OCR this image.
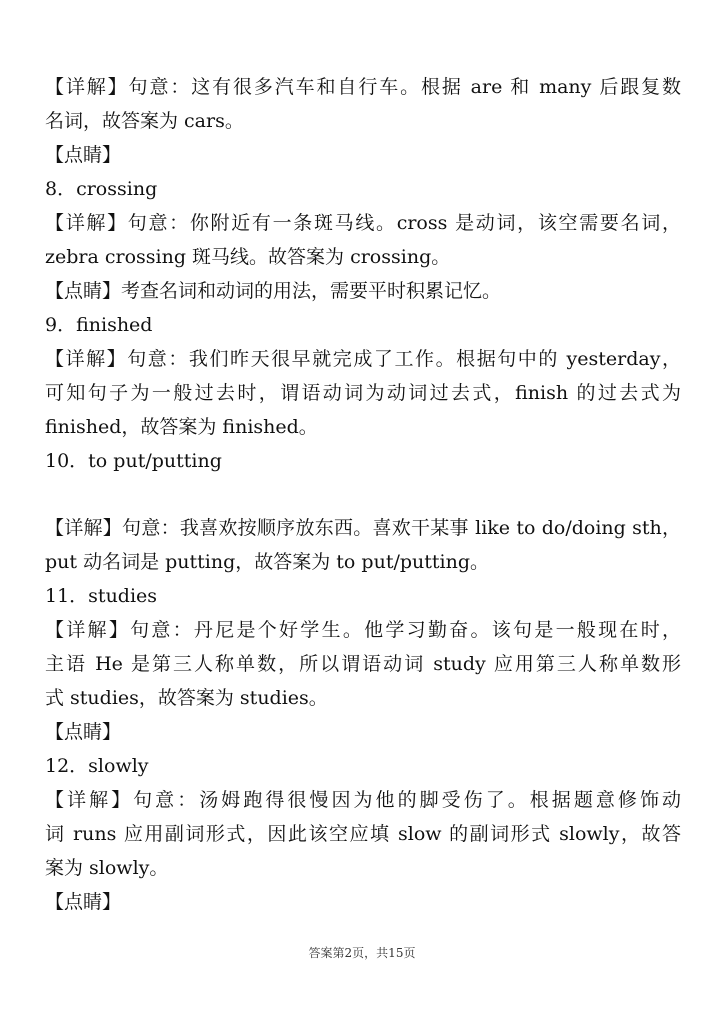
【详解】句意：这有很多汽车和自行车。根据 are 和 many 后跟复数
名词，故答案为 cars。
【点睛】
8．crossing
【详解】句意：你附近有一条斑马线。cross 是动词，该空需要名词，
zebra crossing 斑马线。故答案为 crossing。
【点睛】考查名词和动词的用法，需要平时积累记忆。
9．finished
【详解】句意：我们昨天很早就完成了工作。根据句中的 yesterday，
可知句子为一般过去时，谓语动词为动词过去式，finish 的过去式为
finished，故答案为 finished。
10．to put/putting
【详解】句意：我喜欢按顺序放东西。喜欢干某事 like to do/doing sth，
put 动名词是 putting，故答案为 to put/putting。
11．studies
【详解】句意：丹尼是个好学生。他学习勤奋。该句是一般现在时，
主语 He 是第三人称单数，所以谓语动词 study 应用第三人称单数形
式 studies，故答案为 studies。
【点睛】
12．slowly
【详解】句意：汤姆跑得很慢因为他的脚受伤了。根据题意修饰动
词 runs 应用副词形式，因此该空应填 slow 的副词形式 slowly，故答
案为 slowly。
【点睛】
答案第2页，共15页
